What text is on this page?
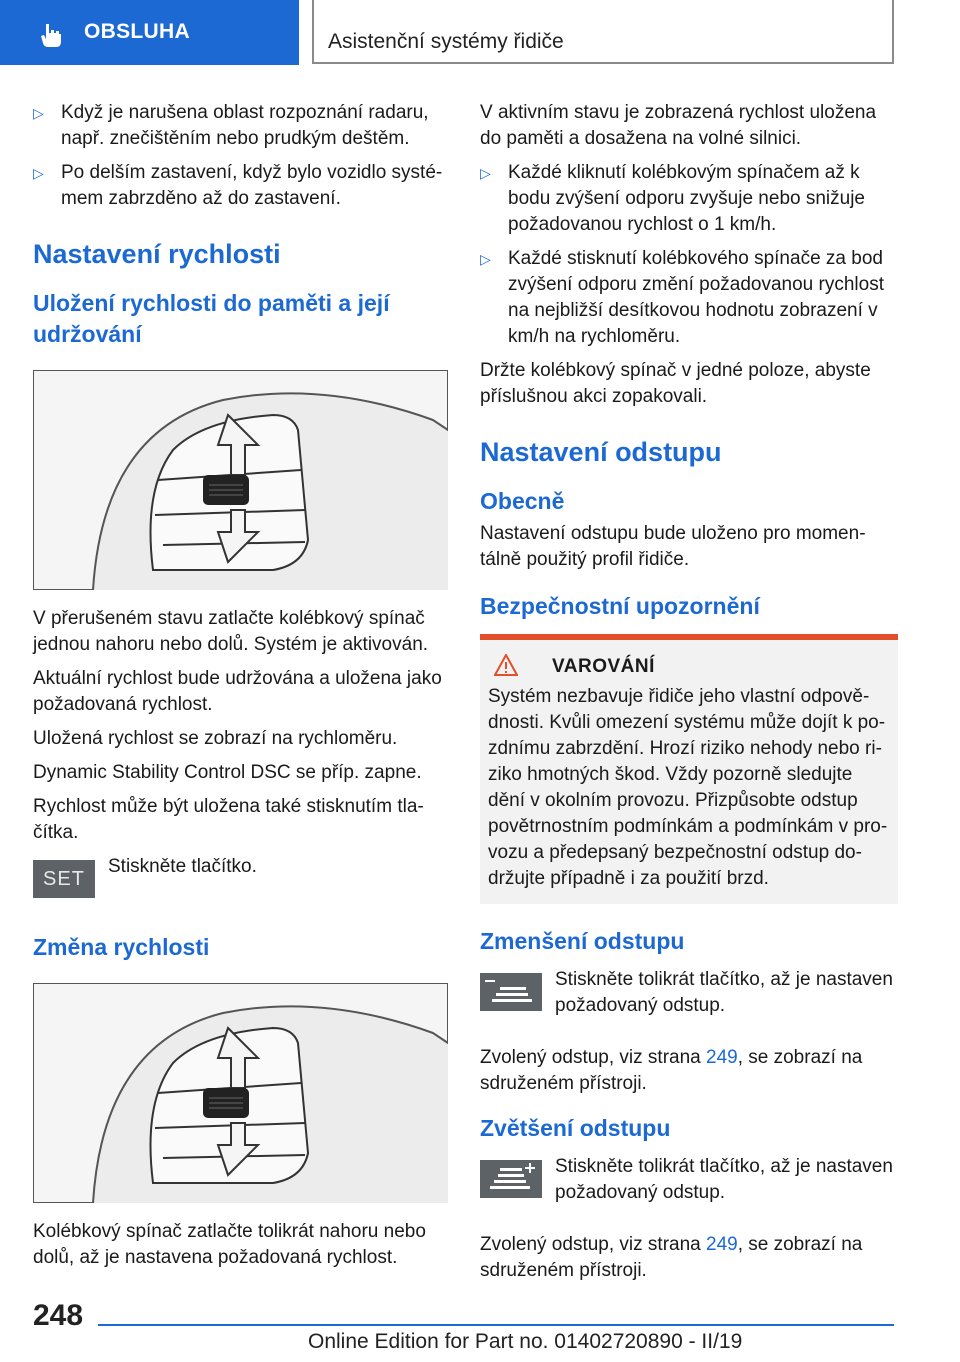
OBSLUHA	Asistenční systémy řidiče
▷ Když je narušena oblast rozpoznání radaru, např. znečištěním nebo prudkým deštěm.
▷ Po delším zastavení, když bylo vozidlo systémem zabrzděno až do zastavení.
Nastavení rychlosti
Uložení rychlosti do paměti a její udržování

V přerušeném stavu zatlačte kolébkový spínač jednou nahoru nebo dolů. Systém je aktivován.

Aktuální rychlost bude udržována a uložena jako požadovaná rychlost.

Uložená rychlost se zobrazí na rychloměru.

Dynamic Stability Control DSC se příp. zapne.

Rychlost může být uložena také stisknutím tlačítka.

SET
Stiskněte tlačítko.
Změna rychlosti

Kolébkový spínač zatlačte tolikrát nahoru nebo dolů, až je nastavena požadovaná rychlost.

V aktivním stavu je zobrazená rychlost uložena do paměti a dosažena na volné silnici.

▷ Každé kliknutí kolébkovým spínačem až k bodu zvýšení odporu zvyšuje nebo snižuje požadovanou rychlost o 1 km/h.
▷ Každé stisknutí kolébkového spínače za bod zvýšení odporu změní požadovanou rychlost na nejbližší desítkovou hodnotu zobrazení v km/h na rychloměru.

Držte kolébkový spínač v jedné poloze, abyste příslušnou akci zopakovali.

Nastavení odstupu
Obecně

Nastavení odstupu bude uloženo pro momentálně použitý profil řidiče.

Bezpečnostní upozornění
VAROVÁNÍ
Systém nezbavuje řidiče jeho vlastní odpovědnosti. Kvůli omezení systému může dojít k pozdnímu zabrzdění. Hrozí riziko nehody nebo riziko hmotných škod. Vždy pozorně sledujte dění v okolním provozu. Přizpůsobte odstup povětrnostním podmínkám a podmínkám v provozu a předepsaný bezpečnostní odstup dodržujte případně i za použití brzd.
Zmenšení odstupu
Stiskněte tolikrát tlačítko, až je nastaven požadovaný odstup.

Zvolený odstup, viz strana 249, se zobrazí na sdruženém přístroji.

Zvětšení odstupu
Stiskněte tolikrát tlačítko, až je nastaven požadovaný odstup.

Zvolený odstup, viz strana 249, se zobrazí na sdruženém přístroji.

248
Online Edition for Part no. 01402720890 - II/19
